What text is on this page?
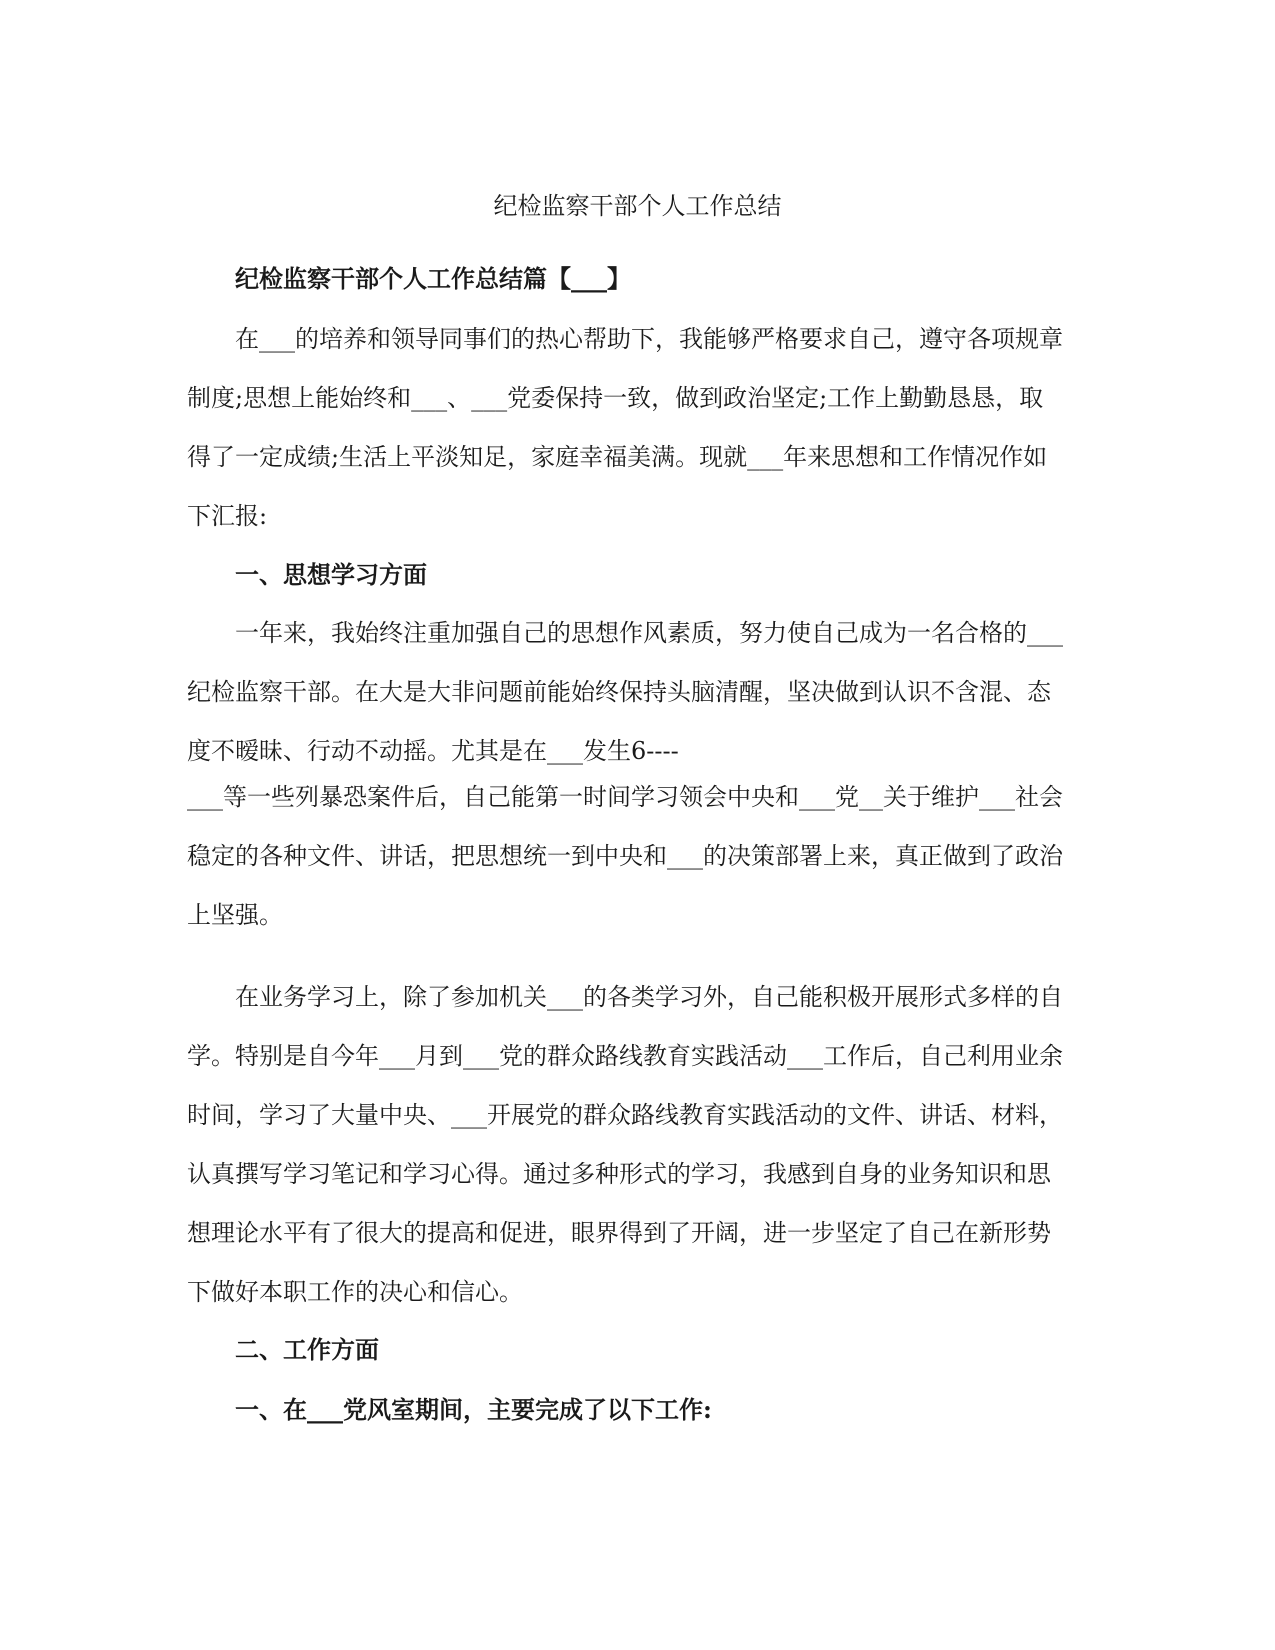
纪检监察干部个人工作总结

纪检监察干部个人工作总结篇【___】

在___的培养和领导同事们的热心帮助下，我能够严格要求自己，遵守各项规章制度;思想上能始终和___、___党委保持一致，做到政治坚定;工作上勤勤恳恳，取得了一定成绩;生活上平淡知足，家庭幸福美满。现就___年来思想和工作情况作如下汇报:

一、思想学习方面

一年来，我始终注重加强自己的思想作风素质，努力使自己成为一名合格的___纪检监察干部。在大是大非问题前能始终保持头脑清醒，坚决做到认识不含混、态度不暧昧、行动不动摇。尤其是在___发生6----

___等一些列暴恐案件后，自己能第一时间学习领会中央和___党__关于维护___社会稳定的各种文件、讲话，把思想统一到中央和___的决策部署上来，真正做到了政治上坚强。

在业务学习上，除了参加机关___的各类学习外，自己能积极开展形式多样的自学。特别是自今年___月到___党的群众路线教育实践活动___工作后，自己利用业余时间，学习了大量中央、___开展党的群众路线教育实践活动的文件、讲话、材料，认真撰写学习笔记和学习心得。通过多种形式的学习，我感到自身的业务知识和思想理论水平有了很大的提高和促进，眼界得到了开阔，进一步坚定了自己在新形势下做好本职工作的决心和信心。

二、工作方面

一、在___党风室期间，主要完成了以下工作:
